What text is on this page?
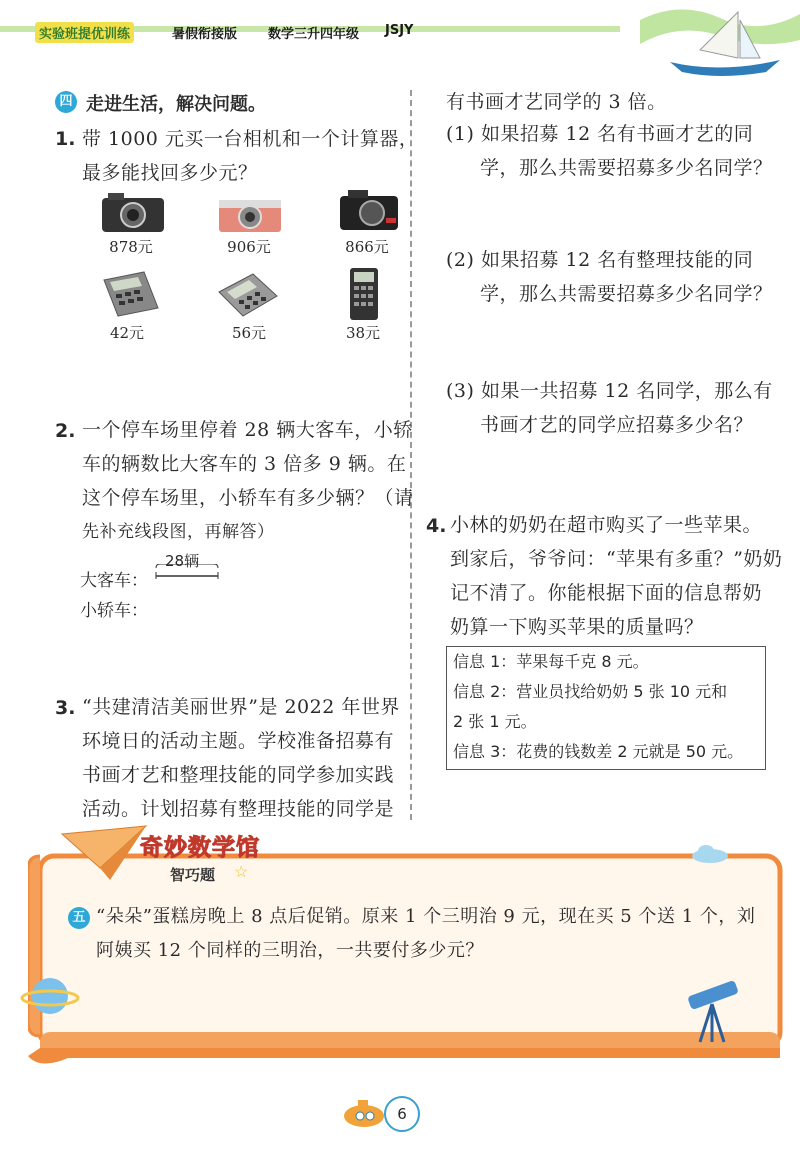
实验班提优训练	暑假衔接版 数学三升四年级 JSJY
四 走进生活，解决问题。
1. 带 1000 元买一台相机和一个计算器，
最多能找回多少元？
878元	906元	866元
42元	56元	38元
2. 一个停车场里停着 28 辆大客车，小轿
车的辆数比大客车的 3 倍多 9 辆。在
这个停车场里，小轿车有多少辆？（请
先补充线段图，再解答）
大客车：
28辆
小轿车：
3. “共建清洁美丽世界”是 2022 年世界
环境日的活动主题。学校准备招募有
书画才艺和整理技能的同学参加实践
活动。计划招募有整理技能的同学是
有书画才艺同学的 3 倍。
(1) 如果招募 12 名有书画才艺的同
学，那么共需要招募多少名同学？
(2) 如果招募 12 名有整理技能的同
学，那么共需要招募多少名同学？
(3) 如果一共招募 12 名同学，那么有
书画才艺的同学应招募多少名？
4. 小林的奶奶在超市购买了一些苹果。
到家后，爷爷问：“苹果有多重？”奶奶
记不清了。你能根据下面的信息帮奶
奶算一下购买苹果的质量吗？
信息 1：苹果每千克 8 元。
信息 2：营业员找给奶奶 5 张 10 元和
2 张 1 元。
信息 3：花费的钱数差 2 元就是 50 元。
奇妙数学馆
智巧题 ☆
五 “朵朵”蛋糕房晚上 8 点后促销。原来 1 个三明治 9 元，现在买 5 个送 1 个，刘
阿姨买 12 个同样的三明治，一共要付多少元？
6
